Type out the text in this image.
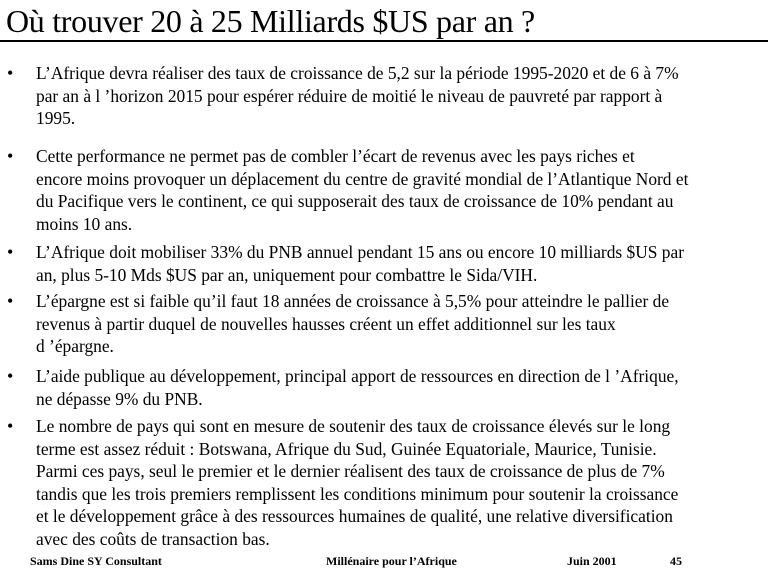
Où trouver 20 à 25 Milliards $US par an ?
• L’Afrique devra réaliser des taux de croissance de 5,2 sur la période 1995-2020 et de 6 à 7%
par an à l ’horizon 2015 pour espérer réduire de moitié le niveau de pauvreté par rapport à
1995.
• Cette performance ne permet pas de combler l’écart de revenus avec les pays riches et
encore moins provoquer un déplacement du centre de gravité mondial de l’Atlantique Nord et
du Pacifique vers le continent, ce qui supposerait des taux de croissance de 10% pendant au
moins 10 ans.
• L’Afrique doit mobiliser 33% du PNB annuel pendant 15 ans ou encore 10 milliards $US par
an, plus 5-10 Mds $US par an, uniquement pour combattre le Sida/VIH.
• L’épargne est si faible qu’il faut 18 années de croissance à 5,5% pour atteindre le pallier de
revenus à partir duquel de nouvelles hausses créent un effet additionnel sur les taux
d ’épargne.
• L’aide publique au développement, principal apport de ressources en direction de l ’Afrique,
ne dépasse 9% du PNB.
• Le nombre de pays qui sont en mesure de soutenir des taux de croissance élevés sur le long
terme est assez réduit : Botswana, Afrique du Sud, Guinée Equatoriale, Maurice, Tunisie.
Parmi ces pays, seul le premier et le dernier réalisent des taux de croissance de plus de 7%
tandis que les trois premiers remplissent les conditions minimum pour soutenir la croissance
et le développement grâce à des ressources humaines de qualité, une relative diversification
avec des coûts de transaction bas.
Sams Dine SY Consultant	Millénaire pour l’Afrique	Juin 2001	45
